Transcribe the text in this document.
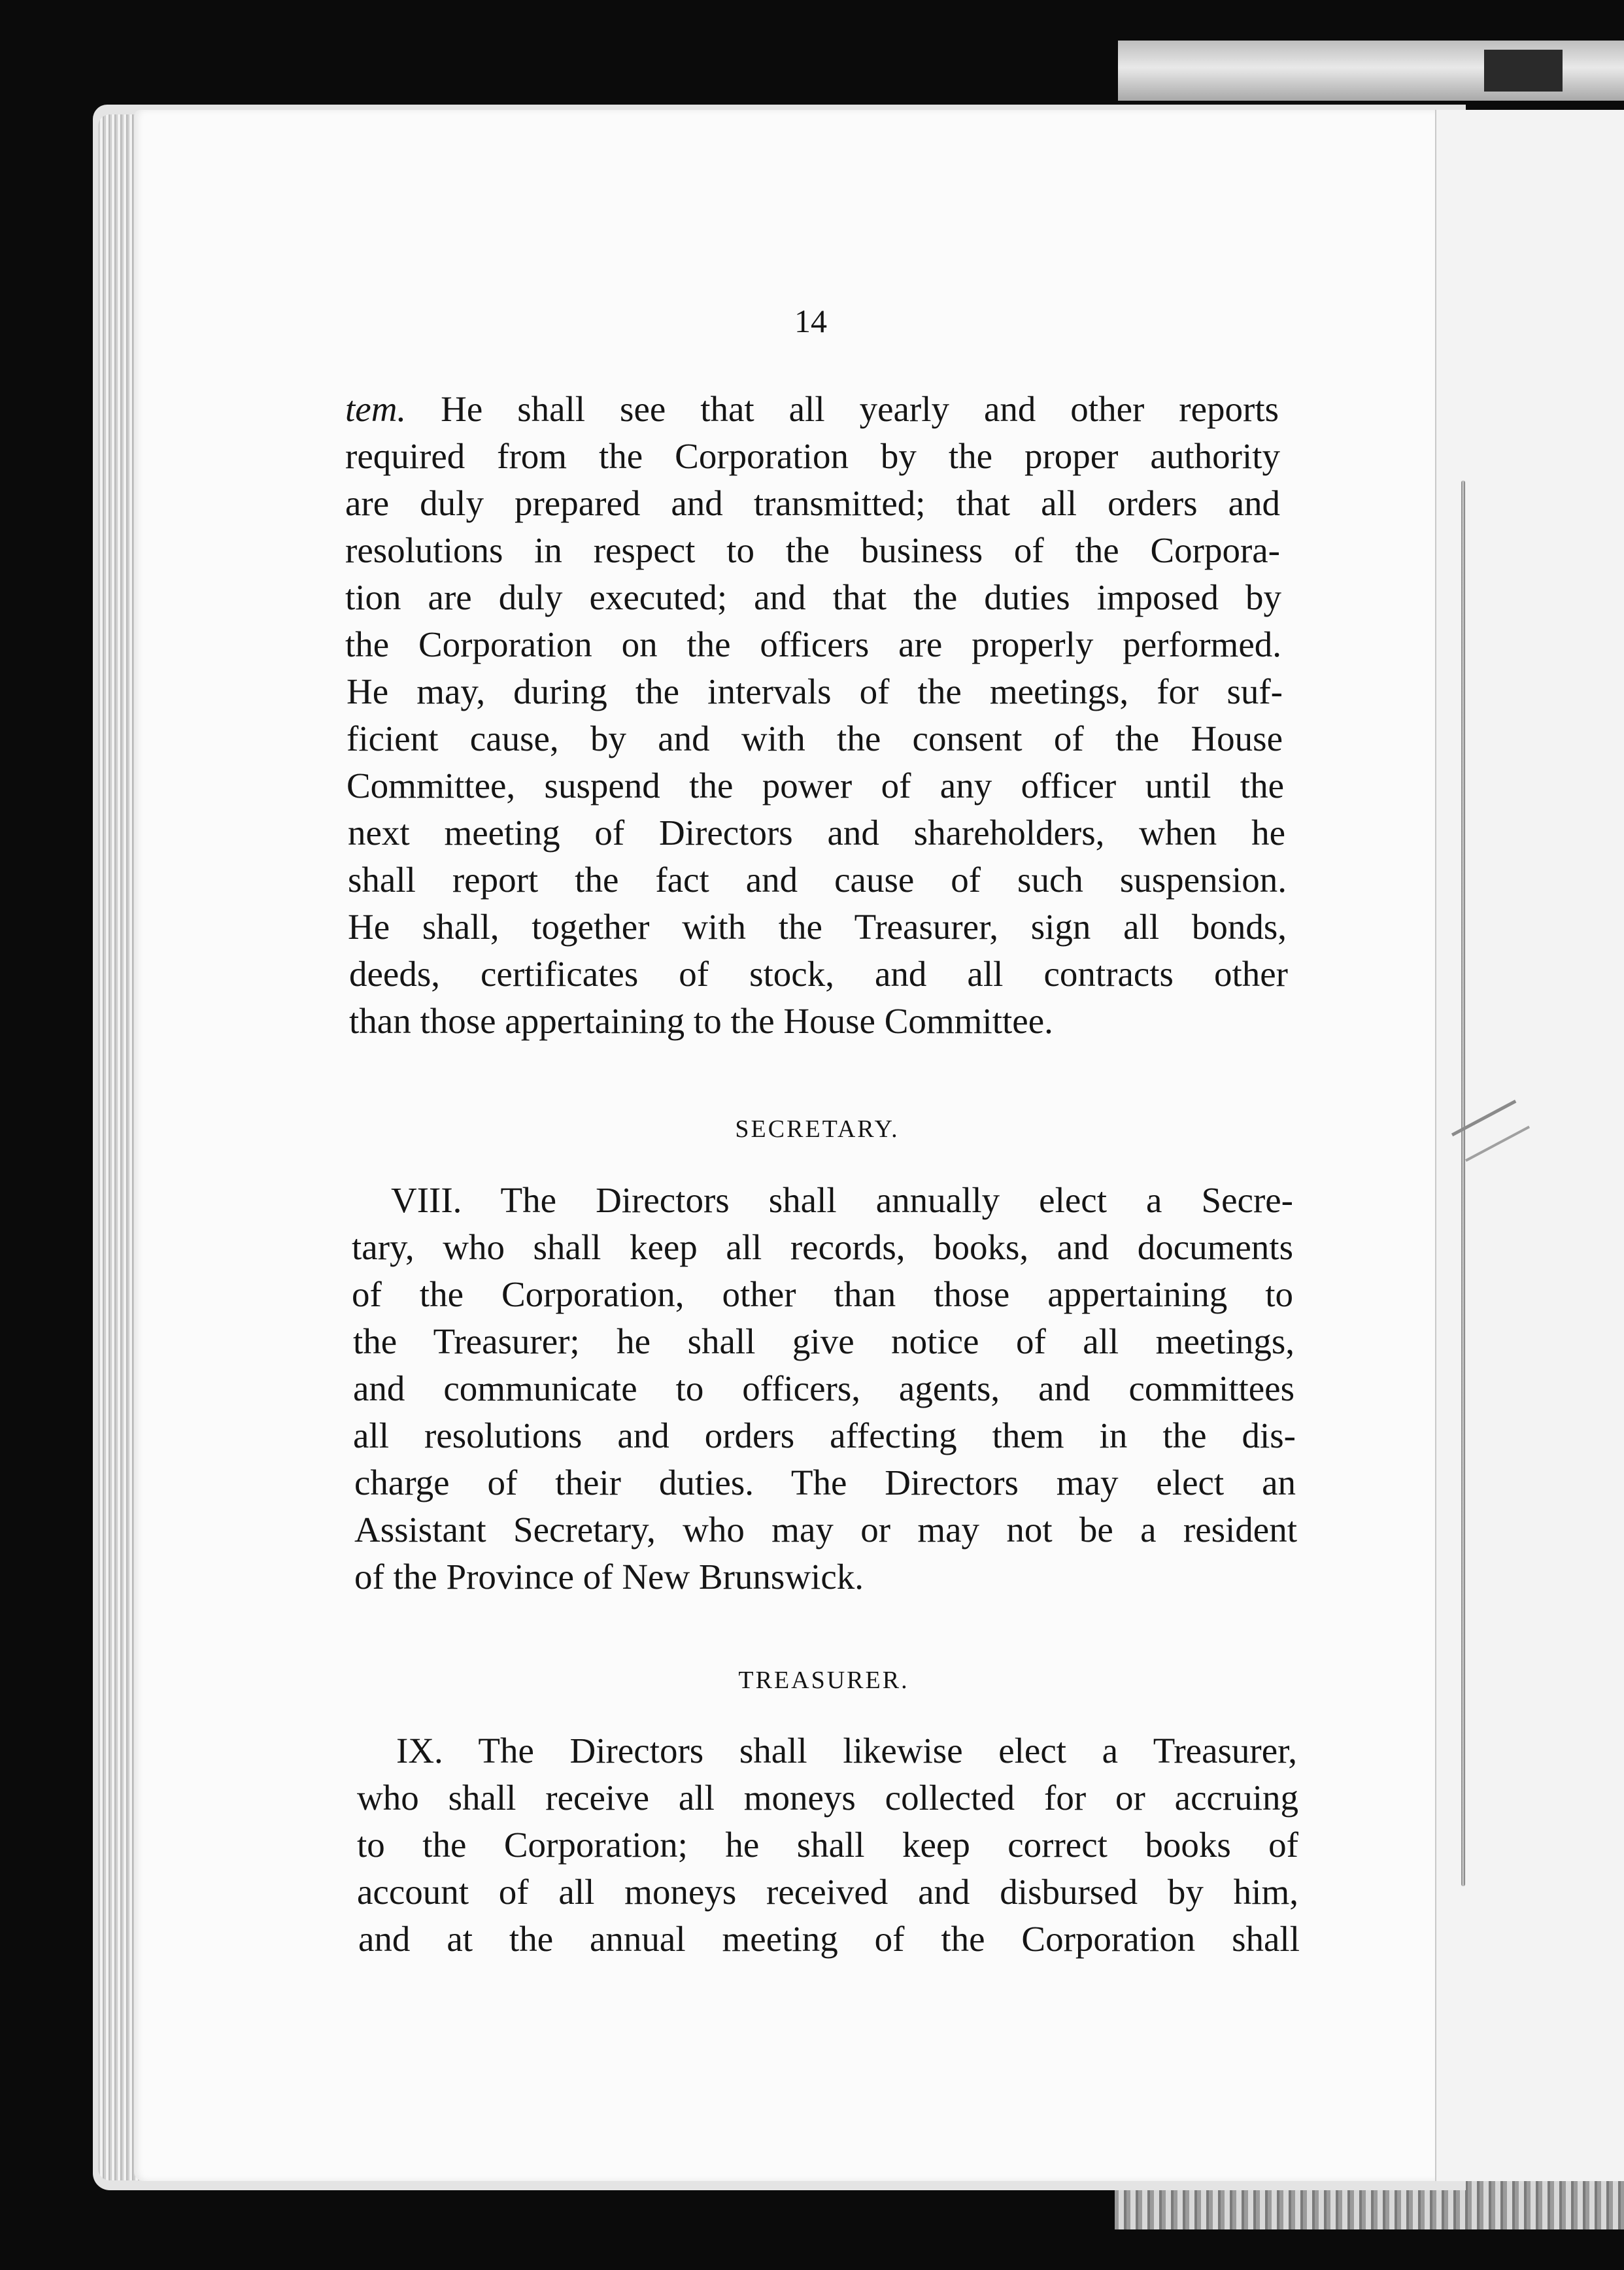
14
tem. He shall see that all yearly and other reports
required from the Corporation by the proper authority
are duly prepared and transmitted; that all orders and
resolutions in respect to the business of the Corpora-
tion are duly executed; and that the duties imposed by
the Corporation on the officers are properly performed.
He may, during the intervals of the meetings, for suf-
ficient cause, by and with the consent of the House
Committee, suspend the power of any officer until the
next meeting of Directors and shareholders, when he
shall report the fact and cause of such suspension.
He shall, together with the Treasurer, sign all bonds,
deeds, certificates of stock, and all contracts other
than those appertaining to the House Committee.
SECRETARY.
VIII. The Directors shall annually elect a Secre-
tary, who shall keep all records, books, and documents
of the Corporation, other than those appertaining to
the Treasurer; he shall give notice of all meetings,
and communicate to officers, agents, and committees
all resolutions and orders affecting them in the dis-
charge of their duties. The Directors may elect an
Assistant Secretary, who may or may not be a resident
of the Province of New Brunswick.
TREASURER.
IX. The Directors shall likewise elect a Treasurer,
who shall receive all moneys collected for or accruing
to the Corporation; he shall keep correct books of
account of all moneys received and disbursed by him,
and at the annual meeting of the Corporation shall
